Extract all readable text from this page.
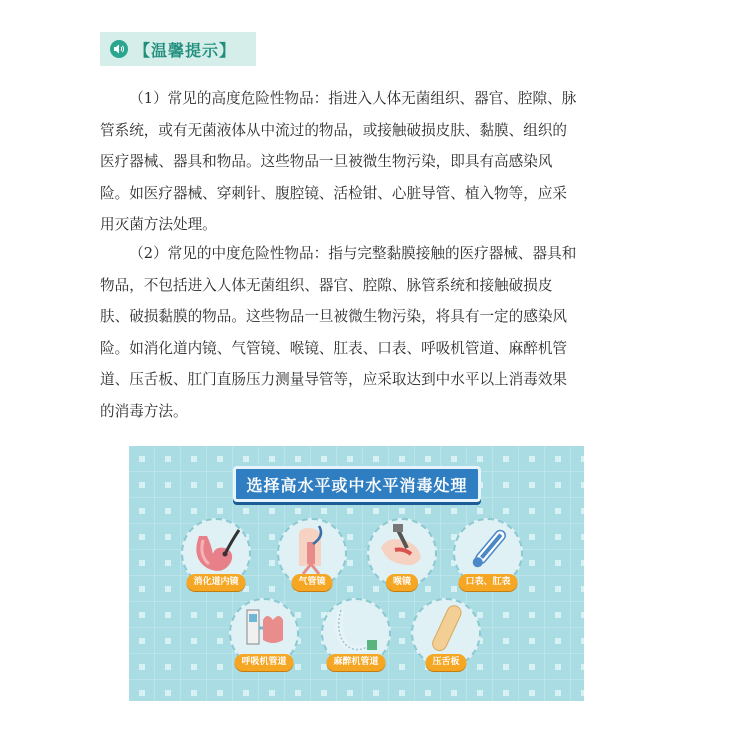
【温馨提示】
（1）常见的高度危险性物品：指进入人体无菌组织、器官、腔隙、脉
管系统，或有无菌液体从中流过的物品，或接触破损皮肤、黏膜、组织的
医疗器械、器具和物品。这些物品一旦被微生物污染，即具有高感染风
险。如医疗器械、穿刺针、腹腔镜、活检钳、心脏导管、植入物等，应采
用灭菌方法处理。
（2）常见的中度危险性物品：指与完整黏膜接触的医疗器械、器具和
物品，不包括进入人体无菌组织、器官、腔隙、脉管系统和接触破损皮
肤、破损黏膜的物品。这些物品一旦被微生物污染，将具有一定的感染风
险。如消化道内镜、气管镜、喉镜、肛表、口表、呼吸机管道、麻醉机管
道、压舌板、肛门直肠压力测量导管等，应采取达到中水平以上消毒效果
的消毒方法。
选择高水平或中水平消毒处理
消化道内镜	气管镜	喉镜	口表、肛表
呼吸机管道	麻醉机管道	压舌板
